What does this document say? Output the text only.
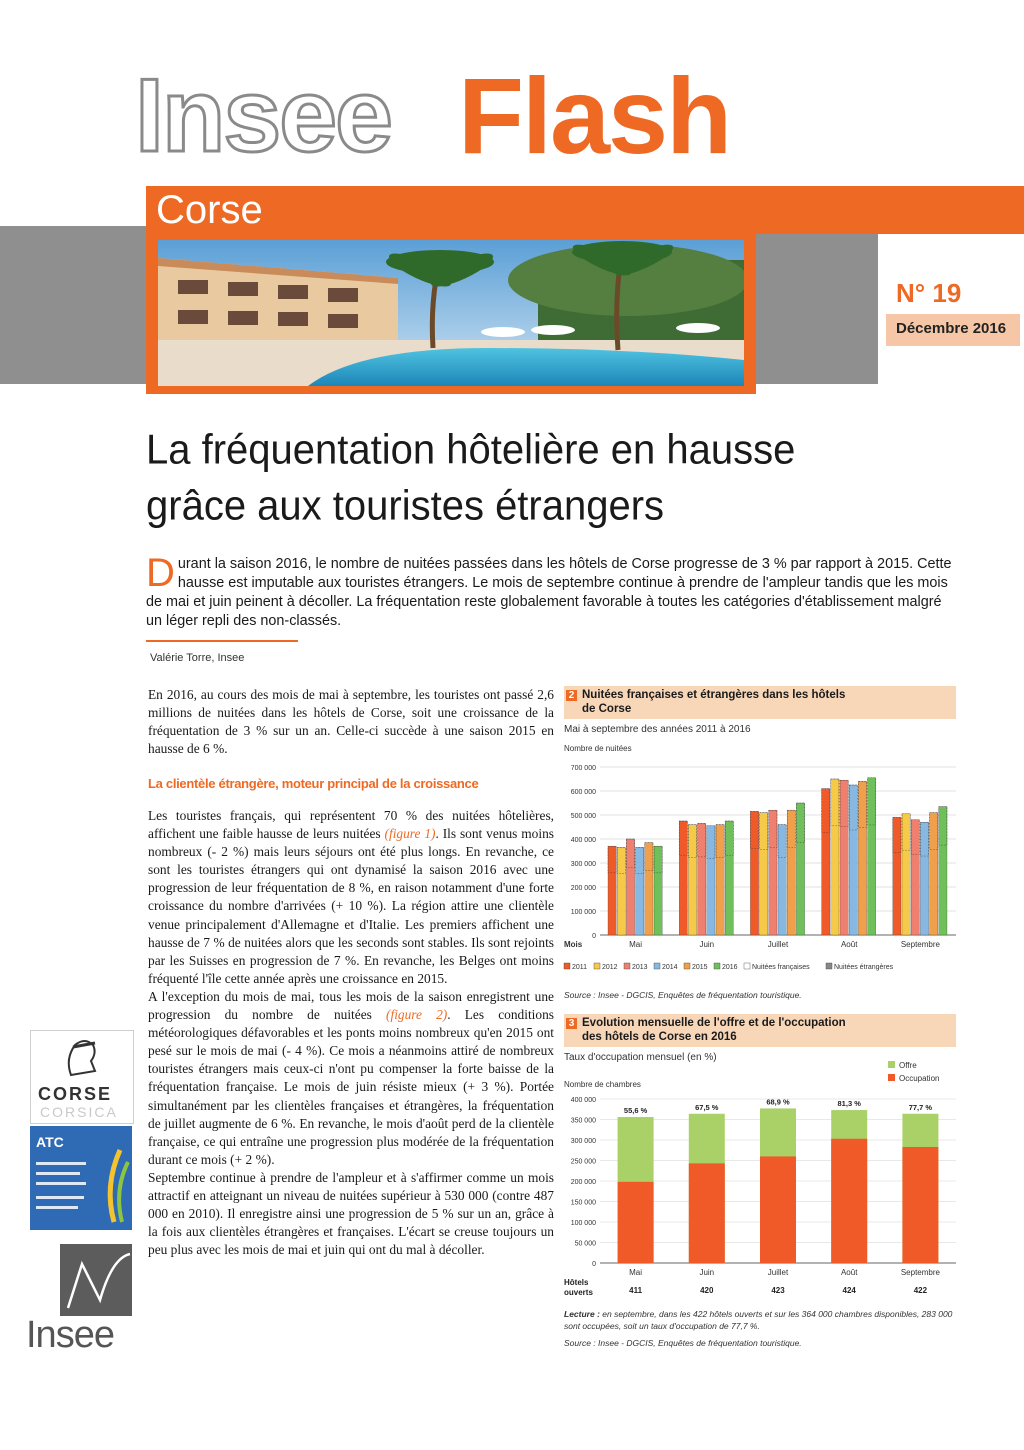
Insee Flash
Corse
N° 19
Décembre 2016
La fréquentation hôtelière en hausse
grâce aux touristes étrangers
Durant la saison 2016, le nombre de nuitées passées dans les hôtels de Corse progresse de 3 % par rapport à 2015. Cette hausse est imputable aux touristes étrangers. Le mois de septembre continue à prendre de l'ampleur tandis que les mois de mai et juin peinent à décoller. La fréquentation reste globalement favorable à toutes les catégories d'établissement malgré un léger repli des non-classés.
Valérie Torre, Insee
En 2016, au cours des mois de mai à septembre, les touristes ont passé 2,6 millions de nuitées dans les hôtels de Corse, soit une croissance de la fréquentation de 3 % sur un an. Celle-ci succède à une saison 2015 en hausse de 6 %.
La clientèle étrangère, moteur principal de la croissance
Les touristes français, qui représentent 70 % des nuitées hôtelières, affichent une faible hausse de leurs nuitées (figure 1). Ils sont venus moins nombreux (- 2 %) mais leurs séjours ont été plus longs. En revanche, ce sont les touristes étrangers qui ont dynamisé la saison 2016 avec une progression de leur fréquentation de 8 %, en raison notamment d'une forte croissance du nombre d'arrivées (+ 10 %). La région attire une clientèle venue principalement d'Allemagne et d'Italie. Les premiers affichent une hausse de 7 % de nuitées alors que les seconds sont stables. Ils sont rejoints par les Suisses en progression de 7 %. En revanche, les Belges ont moins fréquenté l'île cette année après une croissance en 2015.
A l'exception du mois de mai, tous les mois de la saison enregistrent une progression du nombre de nuitées (figure 2). Les conditions météorologiques défavorables et les ponts moins nombreux qu'en 2015 ont pesé sur le mois de mai (- 4 %). Ce mois a néanmoins attiré de nombreux touristes étrangers mais ceux-ci n'ont pu compenser la forte baisse de la fréquentation française. Le mois de juin résiste mieux (+ 3 %). Portée simultanément par les clientèles françaises et étrangères, la fréquentation de juillet augmente de 6 %. En revanche, le mois d'août perd de la clientèle française, ce qui entraîne une progression plus modérée de la fréquentation durant ce mois (+ 2 %).
Septembre continue à prendre de l'ampleur et à s'affirmer comme un mois attractif en atteignant un niveau de nuitées supérieur à 530 000 (contre 487 000 en 2010). Il enregistre ainsi une progression de 5 % sur un an, grâce à la fois aux clientèles étrangères et françaises. L'écart se creuse toujours un peu plus avec les mois de mai et juin qui ont du mal à décoller.
CORSE
CORSICA
ATC
Insee
2 Nuitées françaises et étrangères dans les hôtels
de Corse
Mai à septembre des années 2011 à 2016
Nombre de nuitées
0
100 000
200 000
300 000
400 000
500 000
600 000
700 000
Mai	Juin	Juillet	Août	Septembre
Mois
2011 2012 2013 2014 2015 2016 Nuitées françaises	Nuitées étrangères
Source : Insee - DGCIS, Enquêtes de fréquentation touristique.
3 Evolution mensuelle de l'offre et de l'occupation
des hôtels de Corse en 2016
Taux d'occupation mensuel (en %)
Nombre de chambres
0
50 000
100 000
150 000
200 000
250 000
300 000
350 000
400 000
55,6 %
Mai
411
67,5 %
Juin
420
68,9 %
Juillet
423
81,3 %
Août
424
77,7 %
Septembre
422
Hôtels
ouverts
Offre
Occupation
Lecture : en septembre, dans les 422 hôtels ouverts et sur les 364 000 chambres disponibles, 283 000 sont occupées, soit un taux d'occupation de 77,7 %.
Source : Insee - DGCIS, Enquêtes de fréquentation touristique.
